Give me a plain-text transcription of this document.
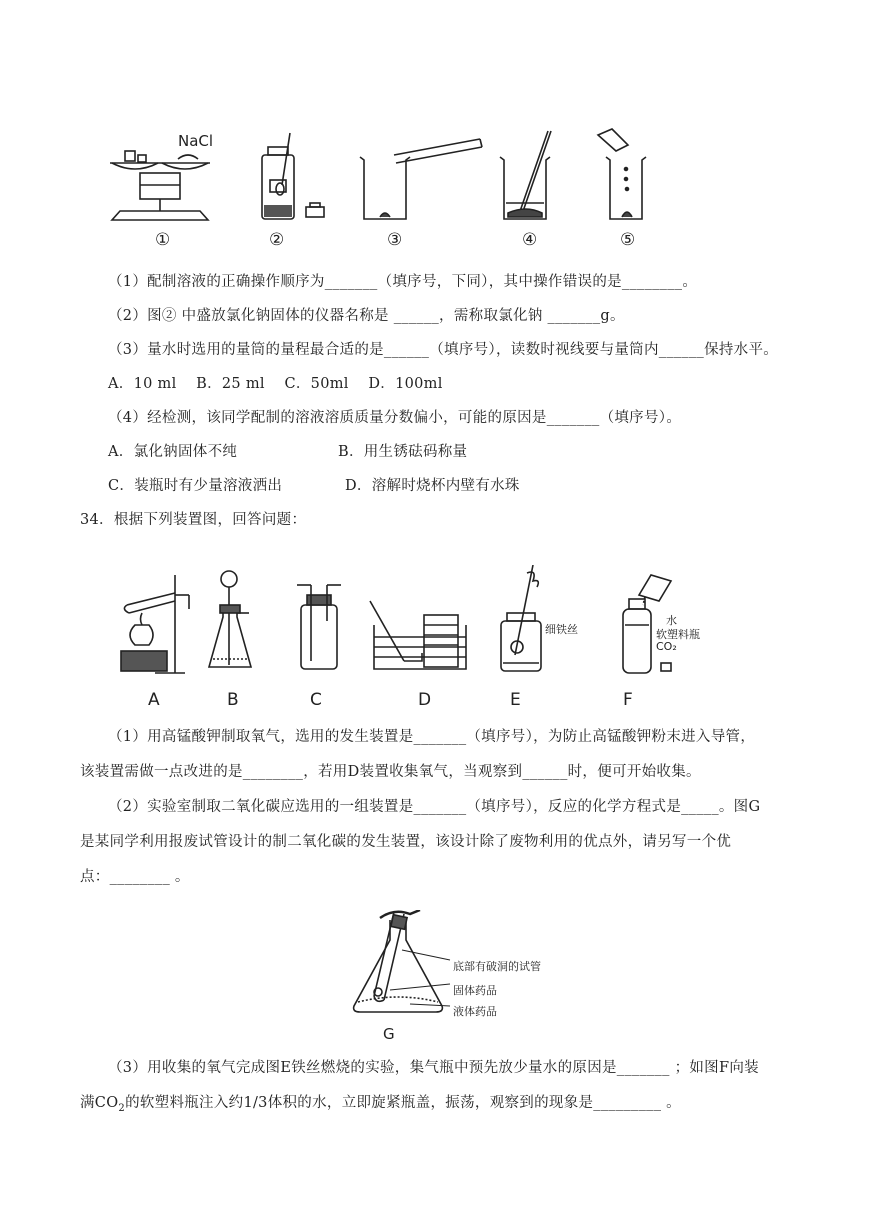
NaCl
①	②	③	④	⑤
（1）配制溶液的正确操作顺序为_______（填序号，下同），其中操作错误的是________。
（2）图② 中盛放氯化钠固体的仪器名称是 ______，需称取氯化钠 _______g。
（3）量水时选用的量筒的量程最合适的是______（填序号），读数时视线要与量筒内______保持水平。
A．10 ml    B．25 ml    C．50ml    D．100ml
（4）经检测，该同学配制的溶液溶质质量分数偏小，可能的原因是_______（填序号）。
A．氯化钠固体不纯	B．用生锈砝码称量
C．装瓶时有少量溶液洒出	D．溶解时烧杯内壁有水珠
34．根据下列装置图，回答问题：
A	B	C	D	E	F
细铁丝
水
软塑料瓶
CO₂
（1）用高锰酸钾制取氧气，选用的发生装置是_______（填序号），为防止高锰酸钾粉末进入导管，
该装置需做一点改进的是________，若用D装置收集氧气，当观察到______时，便可开始收集。
（2）实验室制取二氧化碳应选用的一组装置是_______（填序号），反应的化学方程式是_____。图G
是某同学利用报废试管设计的制二氧化碳的发生装置，该设计除了废物利用的优点外，请另写一个优
点：________ 。
G
底部有破洞的试管
固体药品
液体药品
（3）用收集的氧气完成图E铁丝燃烧的实验，集气瓶中预先放少量水的原因是_______ ；如图F向装
满$CO_2$的软塑料瓶注入约1/3体积的水，立即旋紧瓶盖，振荡，观察到的现象是_________ 。
